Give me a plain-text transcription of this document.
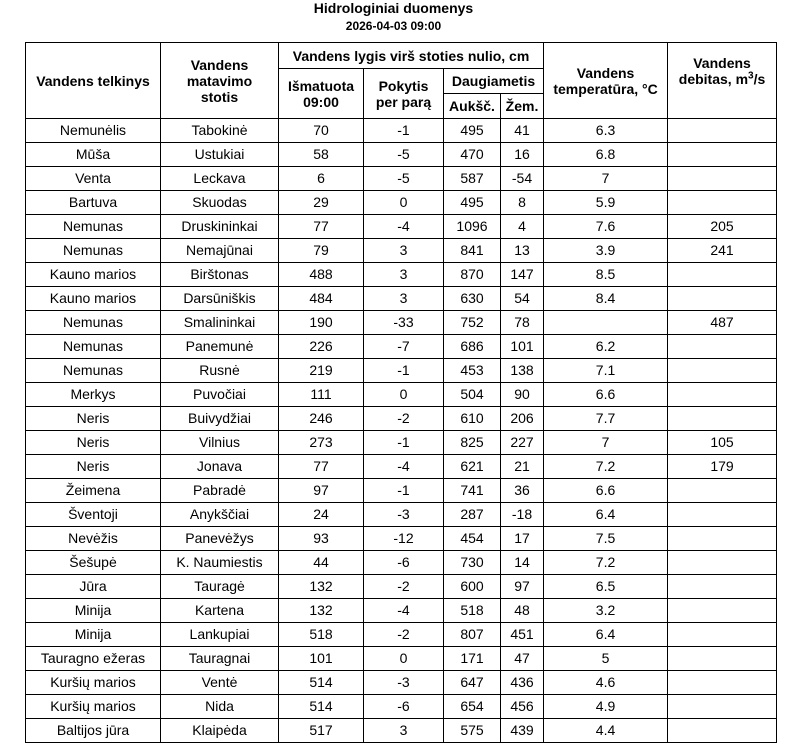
Hidrologiniai duomenys
2026-04-03 09:00
Vandens telkinys	Vandens matavimo stotis	Vandens lygis virš stoties nulio, cm				Vandens temperatūra, °C	Vandens debitas, $m^3/s$
		Išmatuota 09:00	Pokytis per parą	Daugiametis			
				Aukšč.	Žem.		
Nemunėlis	Tabokinė	70	-1	495	41	6.3	
Mūša	Ustukiai	58	-5	470	16	6.8	
Venta	Leckava	6	-5	587	-54	7	
Bartuva	Skuodas	29	0	495	8	5.9	
Nemunas	Druskininkai	77	-4	1096	4	7.6	205
Nemunas	Nemajūnai	79	3	841	13	3.9	241
Kauno marios	Birštonas	488	3	870	147	8.5	
Kauno marios	Darsūniškis	484	3	630	54	8.4	
Nemunas	Smalininkai	190	-33	752	78		487
Nemunas	Panemunė	226	-7	686	101	6.2	
Nemunas	Rusnė	219	-1	453	138	7.1	
Merkys	Puvočiai	111	0	504	90	6.6	
Neris	Buivydžiai	246	-2	610	206	7.7	
Neris	Vilnius	273	-1	825	227	7	105
Neris	Jonava	77	-4	621	21	7.2	179
Žeimena	Pabradė	97	-1	741	36	6.6	
Šventoji	Anykščiai	24	-3	287	-18	6.4	
Nevėžis	Panevėžys	93	-12	454	17	7.5	
Šešupė	K. Naumiestis	44	-6	730	14	7.2	
Jūra	Tauragė	132	-2	600	97	6.5	
Minija	Kartena	132	-4	518	48	3.2	
Minija	Lankupiai	518	-2	807	451	6.4	
Tauragno ežeras	Tauragnai	101	0	171	47	5	
Kuršių marios	Ventė	514	-3	647	436	4.6	
Kuršių marios	Nida	514	-6	654	456	4.9	
Baltijos jūra	Klaipėda	517	3	575	439	4.4	
